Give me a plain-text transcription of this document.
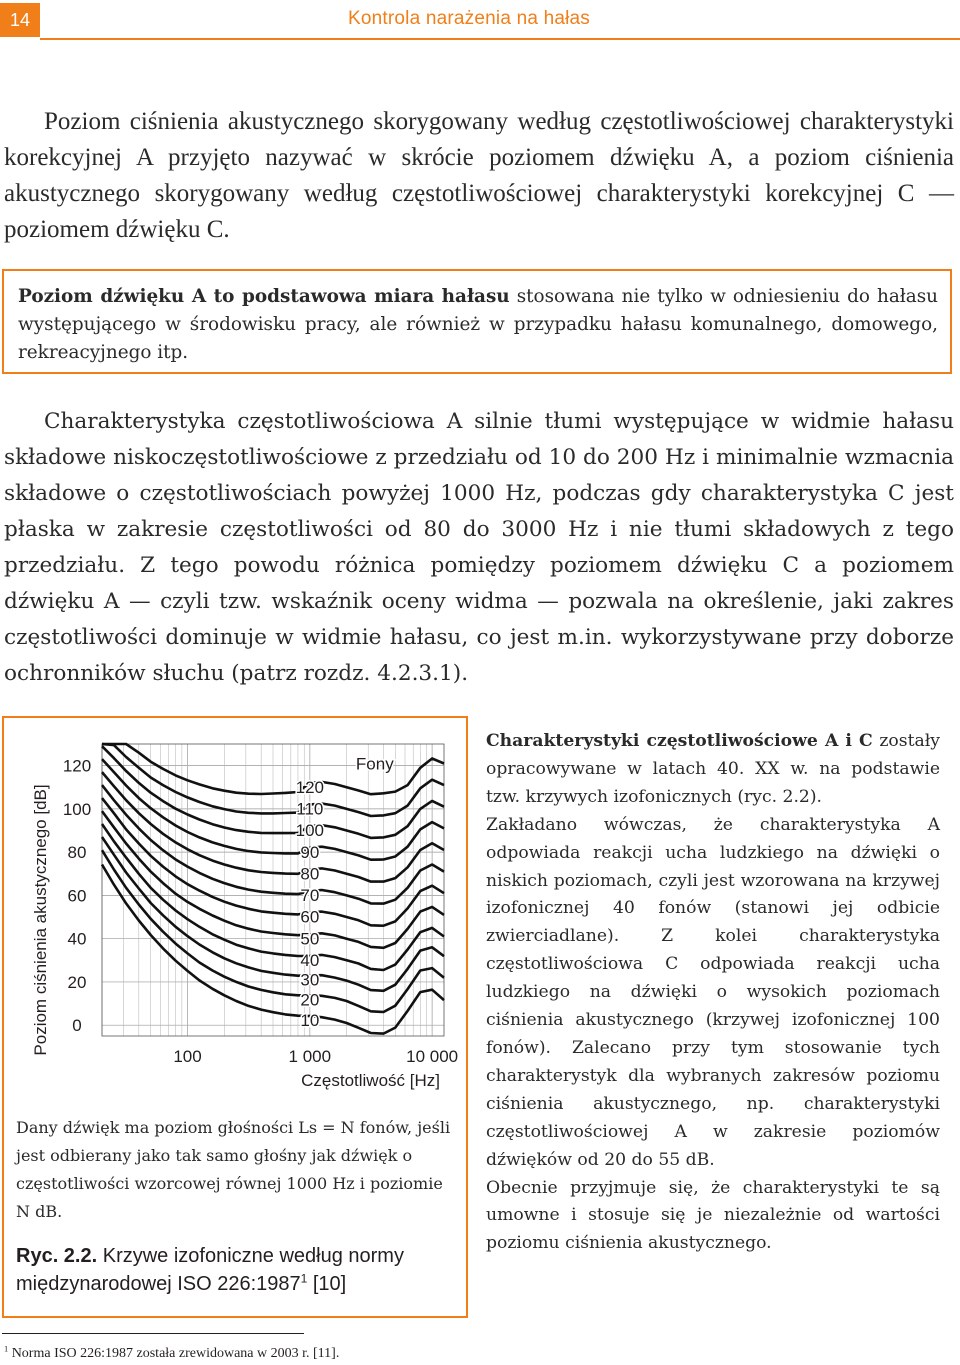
14	Kontrola narażenia na hałas

Poziom ciśnienia akustycznego skorygowany według częstotliwościowej charakterystyki korekcyjnej A przyjęto nazywać w skrócie poziomem dźwięku A, a poziom ciśnienia akustycznego skorygowany według częstotliwościowej charakterystyki korekcyjnej C — poziomem dźwięku C.

Poziom dźwięku A to podstawowa miara hałasu stosowana nie tylko w odniesieniu do hałasu występującego w środowisku pracy, ale również w przypadku hałasu komunalnego, domowego, rekreacyjnego itp.

Charakterystyka częstotliwościowa A silnie tłumi występujące w widmie hałasu składowe niskoczęstotliwościowe z przedziału od 10 do 200 Hz i minimalnie wzmacnia składowe o częstotliwościach powyżej 1000 Hz, podczas gdy charakterystyka C jest płaska w zakresie częstotliwości od 80 do 3000 Hz i nie tłumi składowych z tego przedziału. Z tego powodu różnica pomiędzy poziomem dźwięku C a poziomem dźwięku A — czyli tzw. wskaźnik oceny widma — pozwala na określenie, jaki zakres częstotliwości dominuje w widmie hałasu, co jest m.in. wykorzystywane przy doborze ochronników słuchu (patrz rozdz. 4.2.3.1).

10
20
30
40
50
60
70
80
90
100
110
120
Fony
0
20
40
60
80
100
120
100	1 000	10 000
Częstotliwość [Hz]
Poziom ciśnienia akustycznego [dB]

Dany dźwięk ma poziom głośności Ls = N fonów, jeśli jest odbierany jako tak samo głośny jak dźwięk o częstotliwości wzorcowej równej 1000 Hz i poziomie N dB.

Ryc. 2.2. Krzywe izofoniczne według normy międzynarodowej ISO 226:1987$^1$ [10]

Charakterystyki częstotliwościowe A i C zostały opracowywane w latach 40. XX w. na podstawie tzw. krzywych izofonicznych (ryc. 2.2).

Zakładano wówczas, że charakterystyka A odpowiada reakcji ucha ludzkiego na dźwięki o niskich poziomach, czyli jest wzorowana na krzywej izofonicznej 40 fonów (stanowi jej odbicie zwierciadlane). Z kolei charakterystyka częstotliwościowa C odpowiada reakcji ucha ludzkiego na dźwięki o wysokich poziomach ciśnienia akustycznego (krzywej izofonicznej 100 fonów). Zalecano przy tym stosowanie tych charakterystyk dla wybranych zakresów poziomu ciśnienia akustycznego, np. charakterystyki częstotliwościowej A w zakresie poziomów dźwięków od 20 do 55 dB.

Obecnie przyjmuje się, że charakterystyki te są umowne i stosuje się je niezależnie od wartości poziomu ciśnienia akustycznego.

$^1$ Norma ISO 226:1987 została zrewidowana w 2003 r. [11].
